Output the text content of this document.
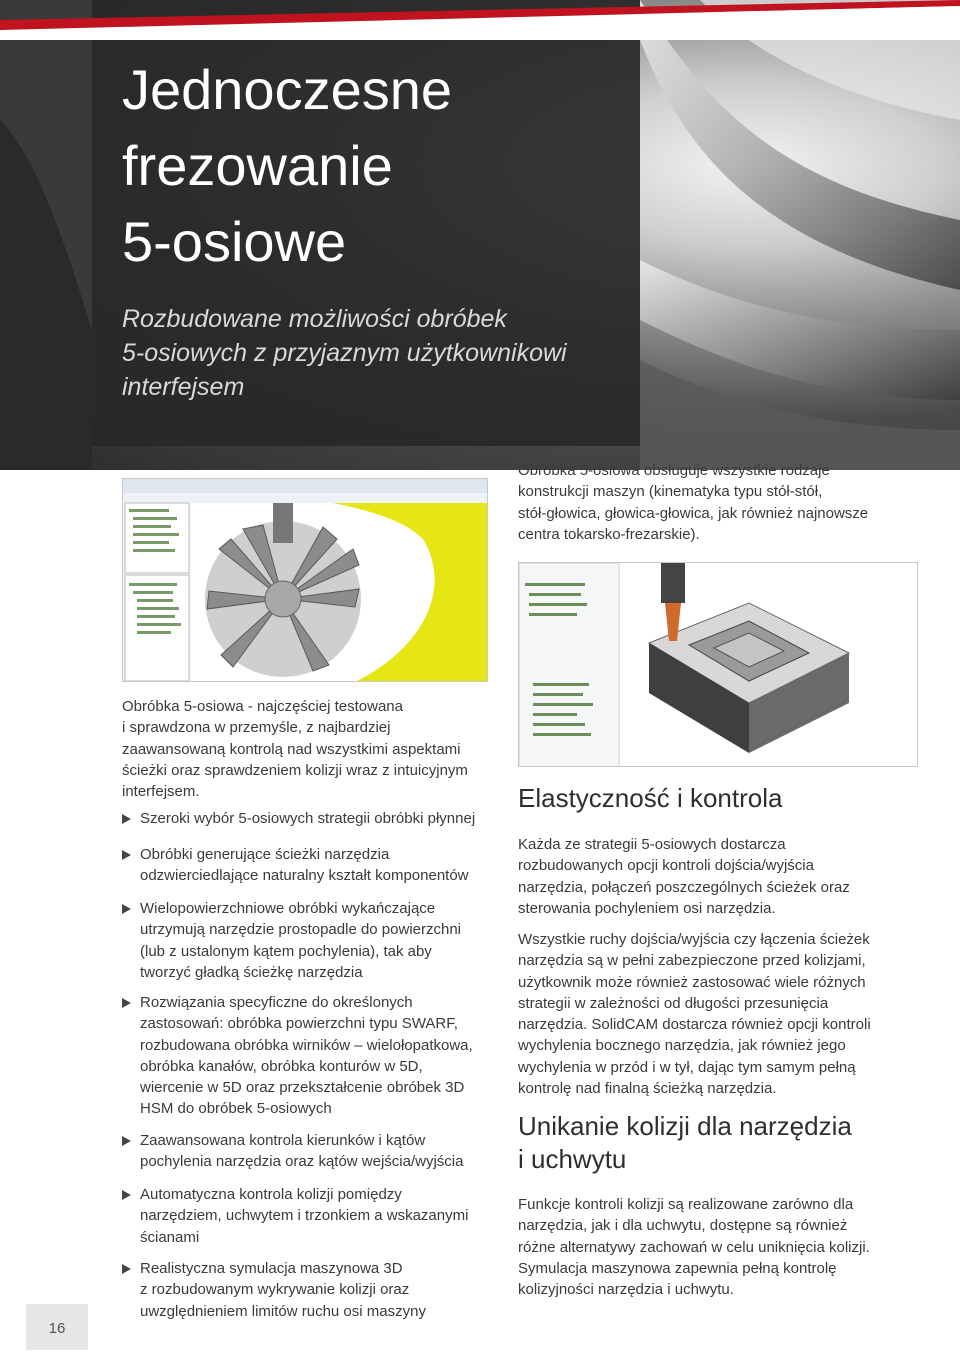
Jednoczesne
frezowanie
5-osiowe
Rozbudowane możliwości obróbek
5-osiowych z przyjaznym użytkownikowi
interfejsem
Obróbka 5-osiowa obsługuje wszystkie rodzaje
konstrukcji maszyn (kinematyka typu stół-stół,
stół-głowica, głowica-głowica, jak również najnowsze
centra tokarsko-frezarskie).
Obróbka 5-osiowa - najczęściej testowana
i sprawdzona w przemyśle, z najbardziej
zaawansowaną kontrolą nad wszystkimi aspektami
ścieżki oraz sprawdzeniem kolizji wraz z intuicyjnym
interfejsem.
Szeroki wybór 5-osiowych strategii obróbki płynnej
Obróbki generujące ścieżki narzędzia
odzwierciedlające naturalny kształt komponentów
Wielopowierzchniowe obróbki wykańczające
utrzymują narzędzie prostopadle do powierzchni
(lub z ustalonym kątem pochylenia), tak aby
tworzyć gładką ścieżkę narzędzia
Rozwiązania specyficzne do określonych
zastosowań: obróbka powierzchni typu SWARF,
rozbudowana obróbka wirników – wielołopatkowa,
obróbka kanałów, obróbka konturów w 5D,
wiercenie w 5D oraz przekształcenie obróbek 3D
HSM do obróbek 5-osiowych
Zaawansowana kontrola kierunków i kątów
pochylenia narzędzia oraz kątów wejścia/wyjścia
Automatyczna kontrola kolizji pomiędzy
narzędziem, uchwytem i trzonkiem a wskazanymi
ścianami
Realistyczna symulacja maszynowa 3D
z rozbudowanym wykrywanie kolizji oraz
uwzględnieniem limitów ruchu osi maszyny
Elastyczność i kontrola
Każda ze strategii 5-osiowych dostarcza
rozbudowanych opcji kontroli dojścia/wyjścia
narzędzia, połączeń poszczególnych ścieżek oraz
sterowania pochyleniem osi narzędzia.
Wszystkie ruchy dojścia/wyjścia czy łączenia ścieżek
narzędzia są w pełni zabezpieczone przed kolizjami,
użytkownik może również zastosować wiele różnych
strategii w zależności od długości przesunięcia
narzędzia. SolidCAM dostarcza również opcji kontroli
wychylenia bocznego narzędzia, jak również jego
wychylenia w przód i w tył, dając tym samym pełną
kontrolę nad finalną ścieżką narzędzia.
Unikanie kolizji dla narzędzia
i uchwytu
Funkcje kontroli kolizji są realizowane zarówno dla
narzędzia, jak i dla uchwytu, dostępne są również
różne alternatywy zachowań w celu uniknięcia kolizji.
Symulacja maszynowa zapewnia pełną kontrolę
kolizyjności narzędzia i uchwytu.
16
